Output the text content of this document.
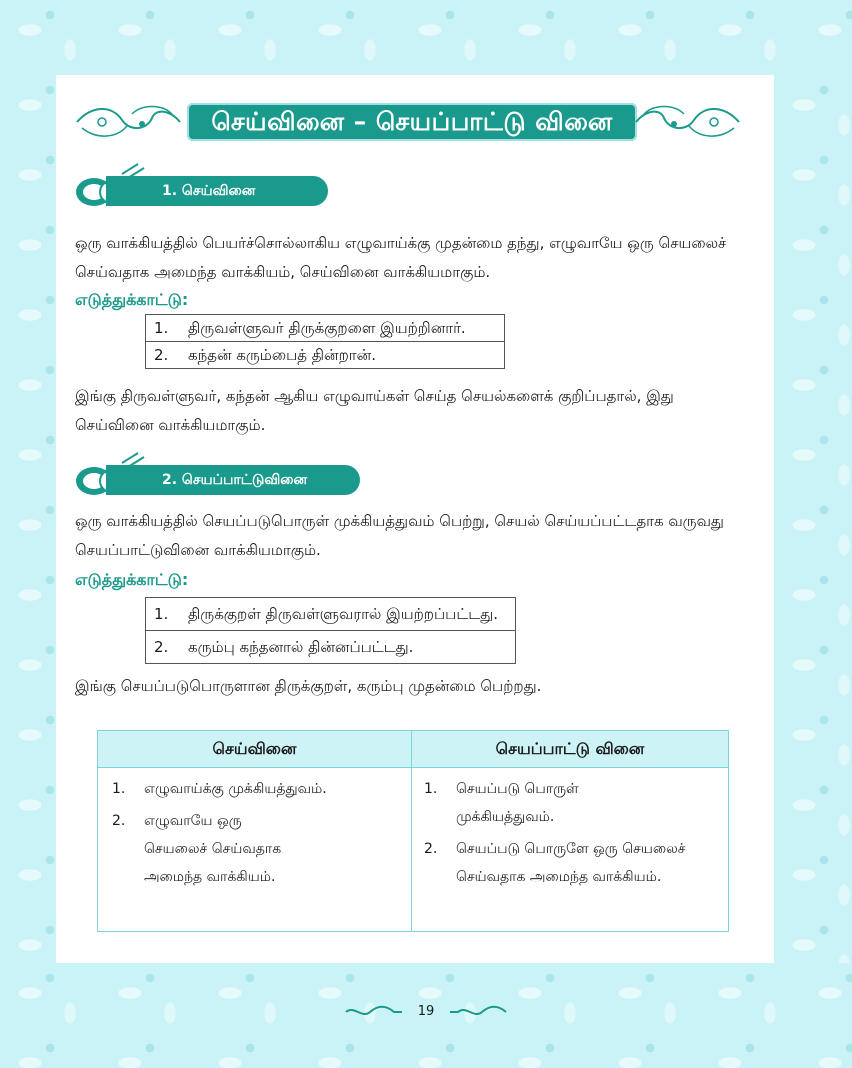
செய்வினை – செயப்பாட்டு வினை
1. செய்வினை

ஒரு வாக்கியத்தில் பெயர்ச்சொல்லாகிய எழுவாய்க்கு முதன்மை தந்து, எழுவாயே ஒரு செயலைச் செய்வதாக அமைந்த வாக்கியம், செய்வினை வாக்கியமாகும்.

எடுத்துக்காட்டு:
1. திருவள்ளுவர் திருக்குறளை இயற்றினார்.
2. கந்தன் கரும்பைத் தின்றான்.

இங்கு திருவள்ளுவர், கந்தன் ஆகிய எழுவாய்கள் செய்த செயல்களைக் குறிப்பதால், இது செய்வினை வாக்கியமாகும்.

2. செயப்பாட்டுவினை

ஒரு வாக்கியத்தில் செயப்படுபொருள் முக்கியத்துவம் பெற்று, செயல் செய்யப்பட்டதாக வருவது செயப்பாட்டுவினை வாக்கியமாகும்.

எடுத்துக்காட்டு:
1. திருக்குறள் திருவள்ளுவரால் இயற்றப்பட்டது.
2. கரும்பு கந்தனால் தின்னப்பட்டது.

இங்கு செயப்படுபொருளான திருக்குறள், கரும்பு முதன்மை பெற்றது.

செய்வினை	செயப்பாட்டு வினை
1. எழுவாய்க்கு முக்கியத்துவம்.
2. எழுவாயே ஒரு செயலைச் செய்வதாக அமைந்த வாக்கியம்.
1. செயப்படு பொருள் முக்கியத்துவம்.
2. செயப்படு பொருளே ஒரு செயலைச் செய்வதாக அமைந்த வாக்கியம்.
19
